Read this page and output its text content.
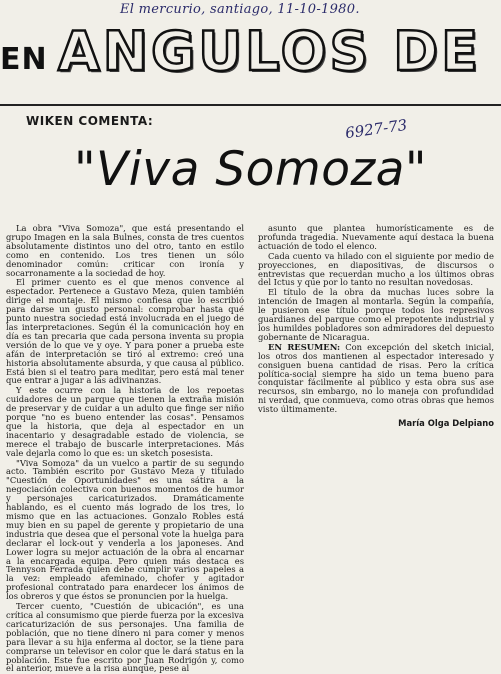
El mercurio, santiago, 11-10-1980.
EN ANGULOS DE
WIKEN COMENTA:	6927-73
"Viva Somoza"

La obra "Viva Somoza", que está presentando el grupo Imagen en la sala Bulnes, consta de tres cuentos absolutamente distintos uno del otro, tanto en estilo como en contenido. Los tres tienen un sólo denominador común: criticar con ironía y socarronamente a la sociedad de hoy.

El primer cuento es el que menos convence al espectador. Pertenece a Gustavo Meza, quien también dirige el montaje. El mismo confiesa que lo escribió para darse un gusto personal: comprobar hasta qué punto nuestra sociedad está involucrada en el juego de las interpretaciones. Según él la comunicación hoy en día es tan precaria que cada persona inventa su propia versión de lo que ve y oye. Y para poner a prueba este afán de interpretación se tiró al extremo: creó una historia absolutamente absurda, y que causa al público. Está bien si el teatro para meditar, pero está mal tener que entrar a jugar a las adivinanzas.

Y este ocurre con la historia de los repoetas cuidadores de un parque que tienen la extraña misión de preservar y de cuidar a un adulto que finge ser niño porque "no es bueno entender las cosas". Pensamos que la historia, que deja al espectador en un inacentario y desagradable estado de violencia, se merece el trabajo de buscarle interpretaciones. Más vale dejarla como lo que es: un sketch posesista.

"Viva Somoza" da un vuelco a partir de su segundo acto. También escrito por Gustavo Meza y titulado "Cuestión de Oportunidades" es una sátira a la negociación colectiva con buenos momentos de humor y personajes caricaturizados. Dramáticamente hablando, es el cuento más logrado de los tres, lo mismo que en las actuaciones. Gonzalo Robles está muy bien en su papel de gerente y propietario de una industria que desea que el personal vote la huelga para declarar el lock-out y venderla a los japoneses. And Lower logra su mejor actuación de la obra al encarnar a la encargada equipa. Pero quien más destaca es Tennyson Ferrada quien debe cumplir varios papeles a la vez: empleado afeminado, chofer y agitador profesional contratado para enardecer los ánimos de los obreros y que éstos se pronuncien por la huelga.

Tercer cuento, "Cuestión de ubicación", es una crítica al consumismo que pierde fuerza por la excesiva caricaturización de sus personajes. Una familia de población, que no tiene dinero ni para comer y menos para llevar a su hija enferma al doctor, se la tiene para comprarse un televisor en color que le dará status en la población. Este fue escrito por Juan Rodrigón y, como el anterior, mueve a la risa aunque, pese al

asunto que plantea humorísticamente es de profunda tragedia. Nuevamente aquí destaca la buena actuación de todo el elenco.

Cada cuento va hilado con el siguiente por medio de proyecciones, en diapositivas, de discursos o entrevistas que recuerdan mucho a los últimos obras del Ictus y que por lo tanto no resultan novedosas.

El título de la obra da muchas luces sobre la intención de Imagen al montarla. Según la compañía, le pusieron ese título porque todos los represivos guardianes del parque como el prepotente industrial y los humildes pobladores son admiradores del depuesto gobernante de Nicaragua.

EN RESUMEN: Con excepción del sketch inicial, los otros dos mantienen al espectador interesado y consiguen buena cantidad de risas. Pero la crítica política-social siempre ha sido un tema bueno para conquistar fácilmente al público y esta obra sus ase recursos, sin embargo, no lo maneja con profundidad ni verdad, que conmueva, como otras obras que hemos visto últimamente.

María Olga Delpiano
